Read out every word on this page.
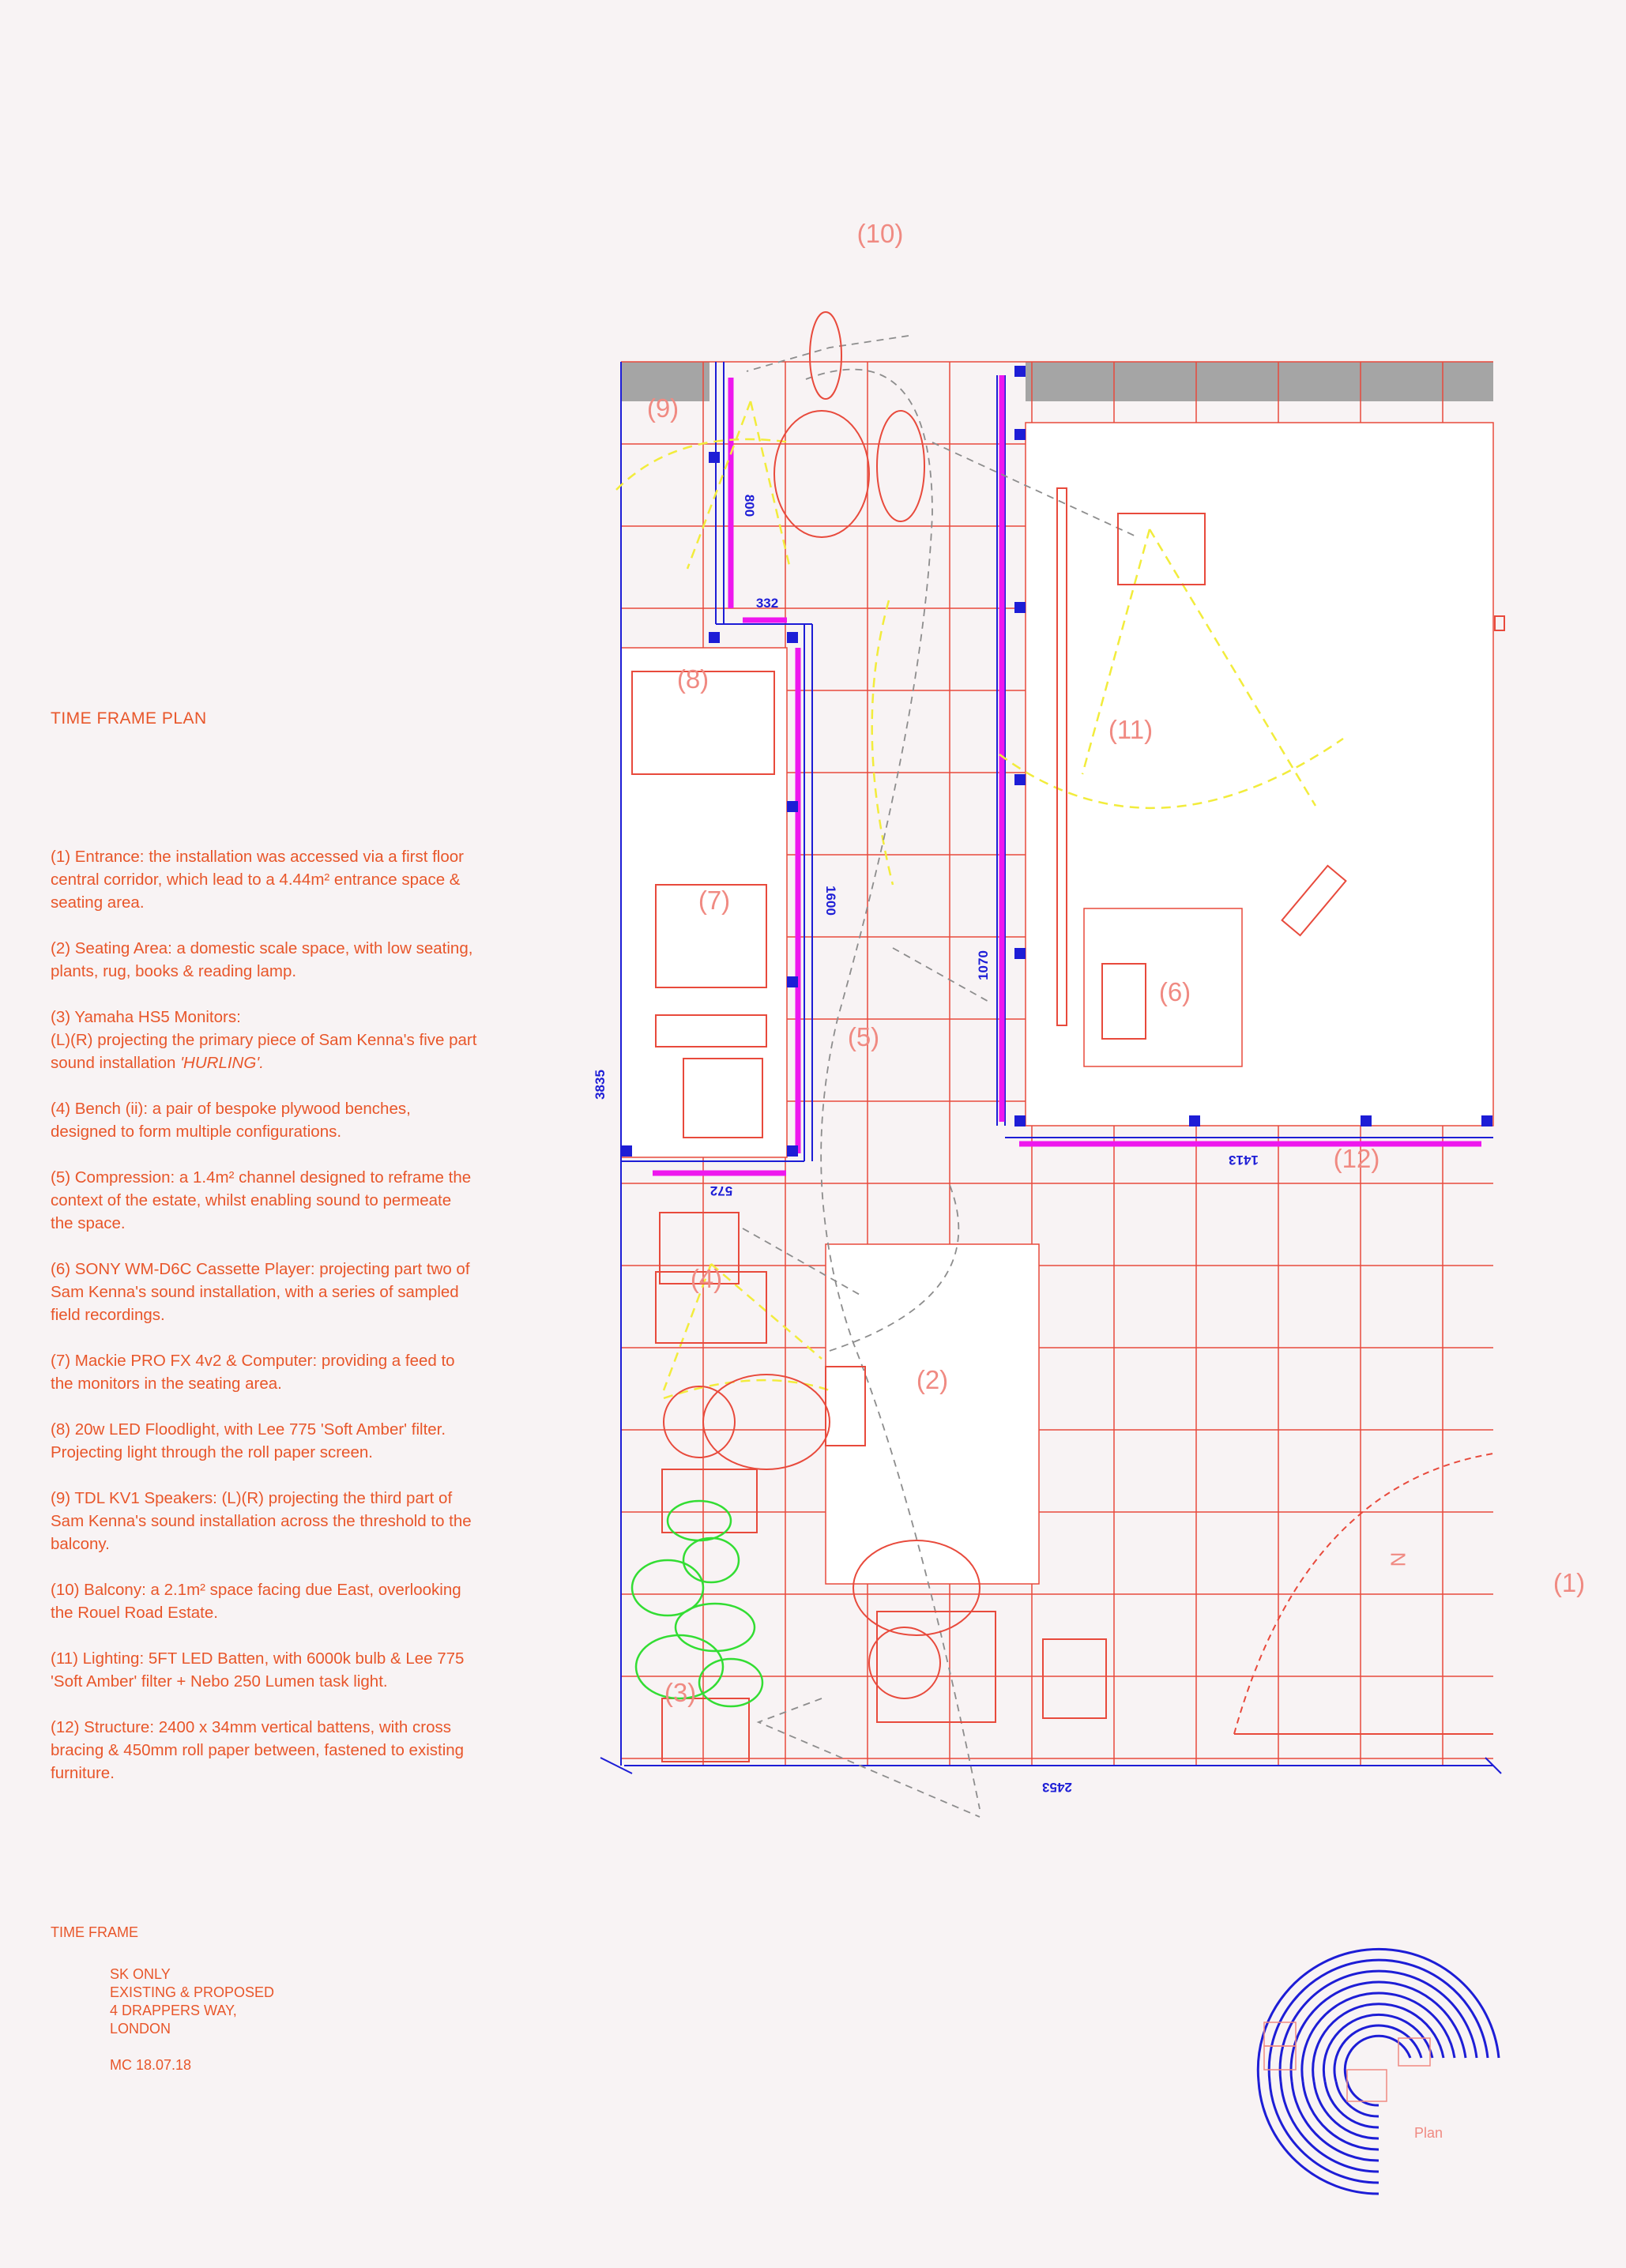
TIME FRAME PLAN

(1) Entrance: the installation was accessed via a first floor central corridor, which lead to a 4.44m² entrance space & seating area.

(2) Seating Area: a domestic scale space, with low seating, plants, rug, books & reading lamp.

(3) Yamaha HS5 Monitors:
(L)(R) projecting the primary piece of Sam Kenna's five part sound installation 'HURLING'.

(4) Bench (ii): a pair of bespoke plywood benches, designed to form multiple configurations.

(5) Compression: a 1.4m² channel designed to reframe the context of the estate, whilst enabling sound to permeate the space.

(6) SONY WM-D6C Cassette Player: projecting part two of Sam Kenna's sound installation, with a series of sampled field recordings.

(7) Mackie PRO FX 4v2 & Computer: providing a feed to the monitors in the seating area.

(8) 20w LED Floodlight, with Lee 775 'Soft Amber' filter. Projecting light through the roll paper screen.

(9) TDL KV1 Speakers: (L)(R) projecting the third part of Sam Kenna's sound installation across the threshold to the balcony.

(10) Balcony: a 2.1m² space facing due East, overlooking the Rouel Road Estate.

(11) Lighting: 5FT LED Batten, with 6000k bulb & Lee 775 'Soft Amber' filter + Nebo 250 Lumen task light.

(12) Structure: 2400 x 34mm vertical battens, with cross bracing & 450mm roll paper between, fastened to existing furniture.

TIME FRAME
SK ONLY
EXISTING & PROPOSED
4 DRAPPERS WAY,
LONDON
MC 18.07.18
(1)
(2)
(3)
(4)
(5)
(6)
(7)
(8)
(9)
(10)
(11)
(12)
N
800
332
1600
1070
3835
572
1413
2453
Plan
